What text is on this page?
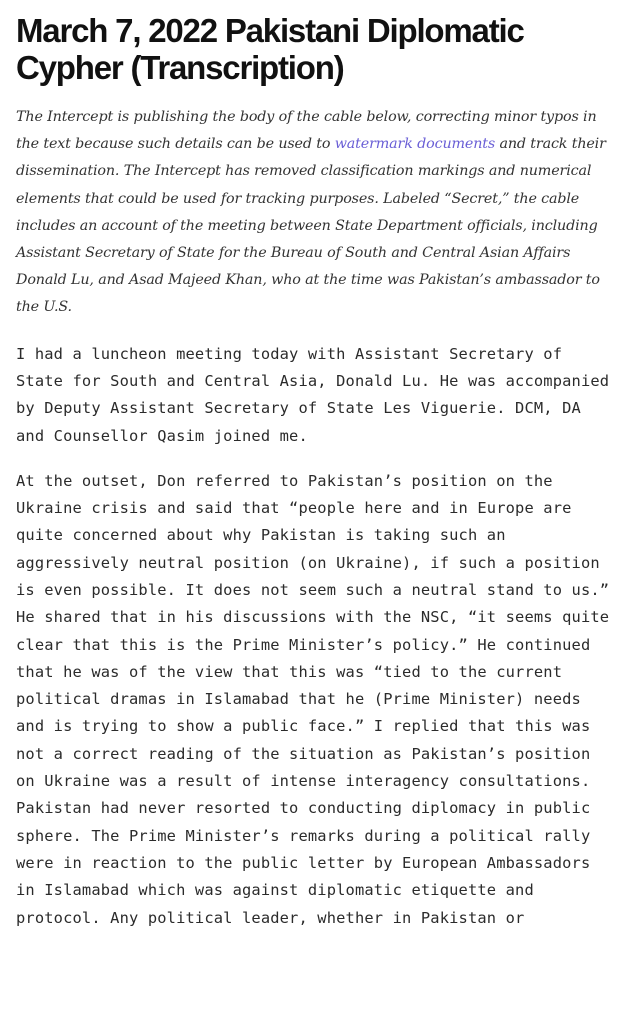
March 7, 2022 Pakistani Diplomatic Cypher (Transcription)

The Intercept is publishing the body of the cable below, correcting minor typos in the text because such details can be used to watermark documents and track their dissemination. The Intercept has removed classification markings and numerical elements that could be used for tracking purposes. Labeled “Secret,” the cable includes an account of the meeting between State Department officials, including Assistant Secretary of State for the Bureau of South and Central Asian Affairs Donald Lu, and Asad Majeed Khan, who at the time was Pakistan’s ambassador to the U.S.

I had a luncheon meeting today with Assistant Secretary of State for South and Central Asia, Donald Lu. He was accompanied by Deputy Assistant Secretary of State Les Viguerie. DCM, DA and Counsellor Qasim joined me.

At the outset, Don referred to Pakistan’s position on the Ukraine crisis and said that “people here and in Europe are quite concerned about why Pakistan is taking such an aggressively neutral position (on Ukraine), if such a position is even possible. It does not seem such a neutral stand to us.” He shared that in his discussions with the NSC, “it seems quite clear that this is the Prime Minister’s policy.” He continued that he was of the view that this was “tied to the current political dramas in Islamabad that he (Prime Minister) needs and is trying to show a public face.” I replied that this was not a correct reading of the situation as Pakistan’s position on Ukraine was a result of intense interagency consultations. Pakistan had never resorted to conducting diplomacy in public sphere. The Prime Minister’s remarks during a political rally were in reaction to the public letter by European Ambassadors in Islamabad which was against diplomatic etiquette and protocol. Any political leader, whether in Pakistan or
